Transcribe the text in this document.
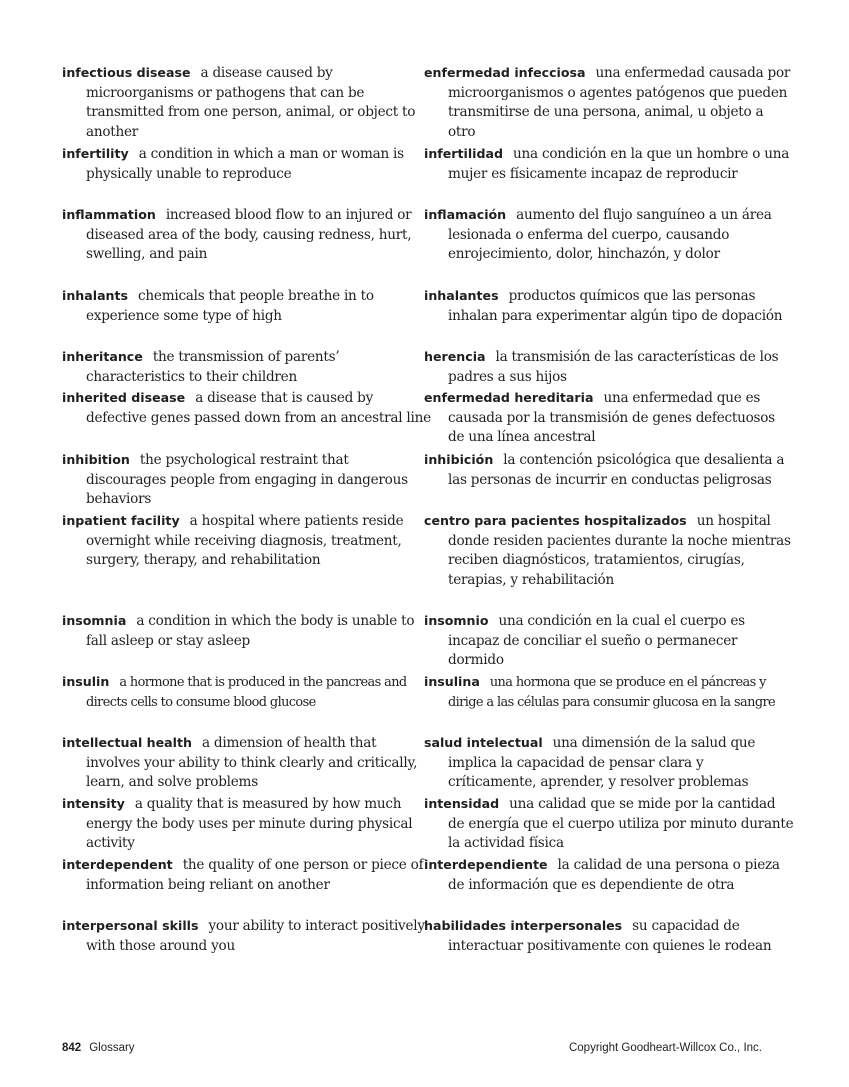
infectious disease a disease caused by microorganisms or pathogens that can be transmitted from one person, animal, or object to another
infertility a condition in which a man or woman is physically unable to reproduce
inflammation increased blood flow to an injured or diseased area of the body, causing redness, hurt, swelling, and pain
inhalants chemicals that people breathe in to experience some type of high
inheritance the transmission of parents’ characteristics to their children
inherited disease a disease that is caused by defective genes passed down from an ancestral line
inhibition the psychological restraint that discourages people from engaging in dangerous behaviors
inpatient facility a hospital where patients reside overnight while receiving diagnosis, treatment, surgery, therapy, and rehabilitation
insomnia a condition in which the body is unable to fall asleep or stay asleep
insulin a hormone that is produced in the pancreas and directs cells to consume blood glucose
intellectual health a dimension of health that involves your ability to think clearly and critically, learn, and solve problems
intensity a quality that is measured by how much energy the body uses per minute during physical activity
interdependent the quality of one person or piece of information being reliant on another
interpersonal skills your ability to interact positively with those around you
enfermedad infecciosa una enfermedad causada por microorganismos o agentes patógenos que pueden transmitirse de una persona, animal, u objeto a otro
infertilidad una condición en la que un hombre o una mujer es físicamente incapaz de reproducir
inflamación aumento del flujo sanguíneo a un área lesionada o enferma del cuerpo, causando enrojecimiento, dolor, hinchazón, y dolor
inhalantes productos químicos que las personas inhalan para experimentar algún tipo de dopación
herencia la transmisión de las características de los padres a sus hijos
enfermedad hereditaria una enfermedad que es causada por la transmisión de genes defectuosos de una línea ancestral
inhibición la contención psicológica que desalienta a las personas de incurrir en conductas peligrosas
centro para pacientes hospitalizados un hospital donde residen pacientes durante la noche mientras reciben diagnósticos, tratamientos, cirugías, terapias, y rehabilitación
insomnio una condición en la cual el cuerpo es incapaz de conciliar el sueño o permanecer dormido
insulina una hormona que se produce en el páncreas y dirige a las células para consumir glucosa en la sangre
salud intelectual una dimensión de la salud que implica la capacidad de pensar clara y críticamente, aprender, y resolver problemas
intensidad una calidad que se mide por la cantidad de energía que el cuerpo utiliza por minuto durante la actividad física
interdependiente la calidad de una persona o pieza de información que es dependiente de otra
habilidades interpersonales su capacidad de interactuar positivamente con quienes le rodean
842 Glossary	Copyright Goodheart-Willcox Co., Inc.
